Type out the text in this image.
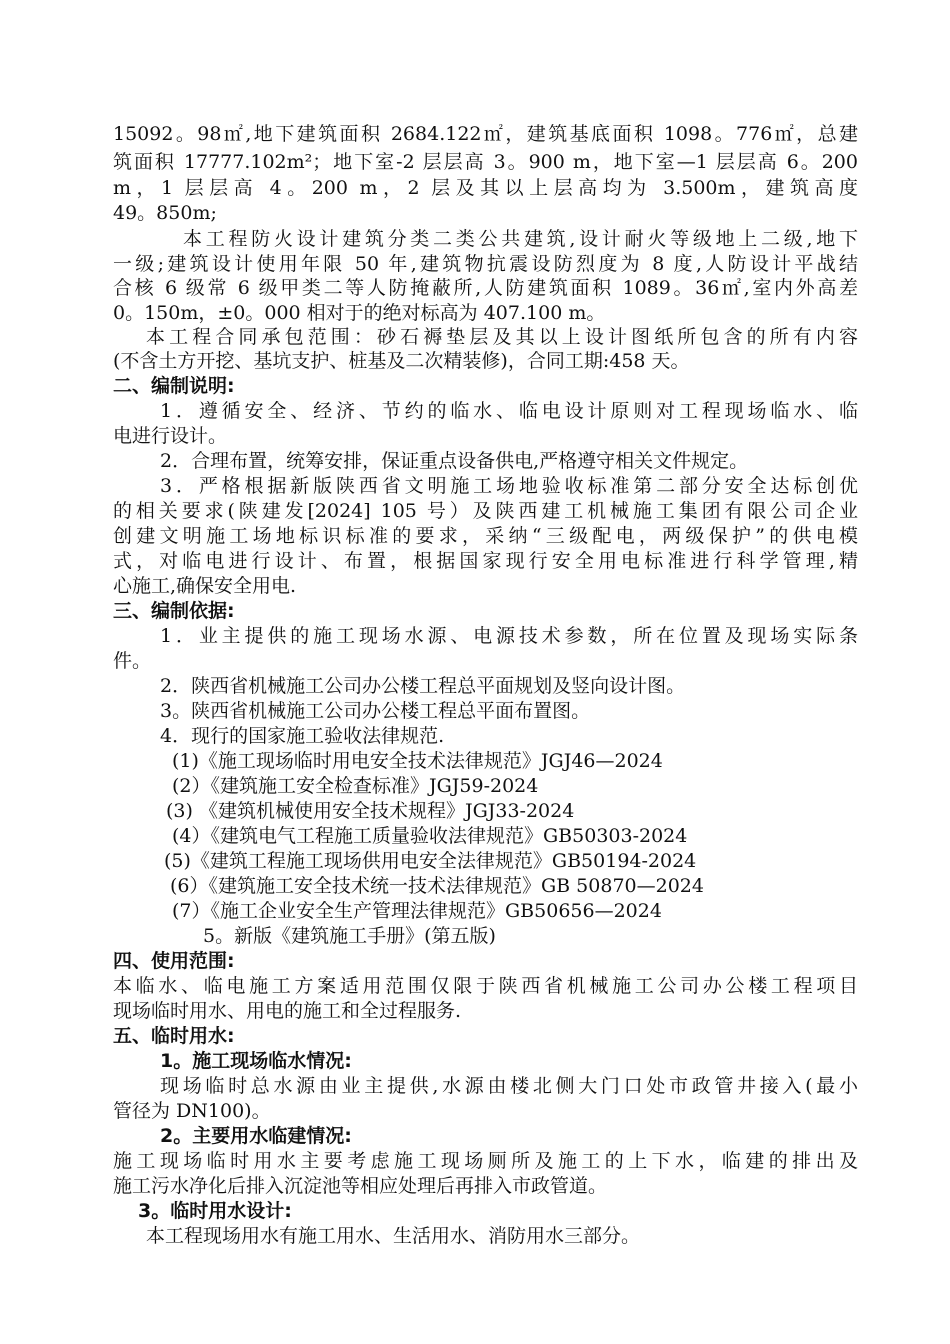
15092。98㎡,地下建筑面积 2684.122㎡，建筑基底面积 1098。776㎡，总建
筑面积 17777.102m²；地下室-2 层层高 3。900 m，地下室—1 层层高 6。200
m，1 层层高 4。200 m，2 层及其以上层高均为 3.500m，建筑高度
49。850m;
本工程防火设计建筑分类二类公共建筑,设计耐火等级地上二级,地下
一级;建筑设计使用年限 50 年,建筑物抗震设防烈度为 8 度,人防设计平战结
合核 6 级常 6 级甲类二等人防掩蔽所,人防建筑面积 1089。36㎡,室内外高差
0。150m，±0。000 相对于的绝对标高为 407.100 m。
本工程合同承包范围：砂石褥垫层及其以上设计图纸所包含的所有内容
(不含土方开挖、基坑支护、桩基及二次精装修)，合同工期:458 天。
二、编制说明:
1．遵循安全、经济、节约的临水、临电设计原则对工程现场临水、临
电进行设计。
2．合理布置，统筹安排，保证重点设备供电,严格遵守相关文件规定。
3．严格根据新版陕西省文明施工场地验收标准第二部分安全达标创优
的相关要求(陕建发[2024] 105 号）及陕西建工机械施工集团有限公司企业
创建文明施工场地标识标准的要求，采纳“三级配电，两级保护”的供电模
式，对临电进行设计、布置，根据国家现行安全用电标准进行科学管理,精
心施工,确保安全用电.
三、编制依据:
1．业主提供的施工现场水源、电源技术参数，所在位置及现场实际条
件。
2．陕西省机械施工公司办公楼工程总平面规划及竖向设计图。
3。陕西省机械施工公司办公楼工程总平面布置图。
4．现行的国家施工验收法律规范.
(1)《施工现场临时用电安全技术法律规范》JGJ46—2024
(2）《建筑施工安全检查标准》JGJ59-2024
(3) 《建筑机械使用安全技术规程》JGJ33-2024
(4）《建筑电气工程施工质量验收法律规范》GB50303-2024
(5)《建筑工程施工现场供用电安全法律规范》GB50194-2024
(6）《建筑施工安全技术统一技术法律规范》GB 50870—2024
(7）《施工企业安全生产管理法律规范》GB50656—2024
5。新版《建筑施工手册》(第五版)
四、使用范围:
本临水、临电施工方案适用范围仅限于陕西省机械施工公司办公楼工程项目
现场临时用水、用电的施工和全过程服务.
五、临时用水:
1。施工现场临水情况:
现场临时总水源由业主提供,水源由楼北侧大门口处市政管井接入(最小
管径为 DN100)。
2。主要用水临建情况:
施工现场临时用水主要考虑施工现场厕所及施工的上下水，临建的排出及
施工污水净化后排入沉淀池等相应处理后再排入市政管道。
3。临时用水设计:
本工程现场用水有施工用水、生活用水、消防用水三部分。
